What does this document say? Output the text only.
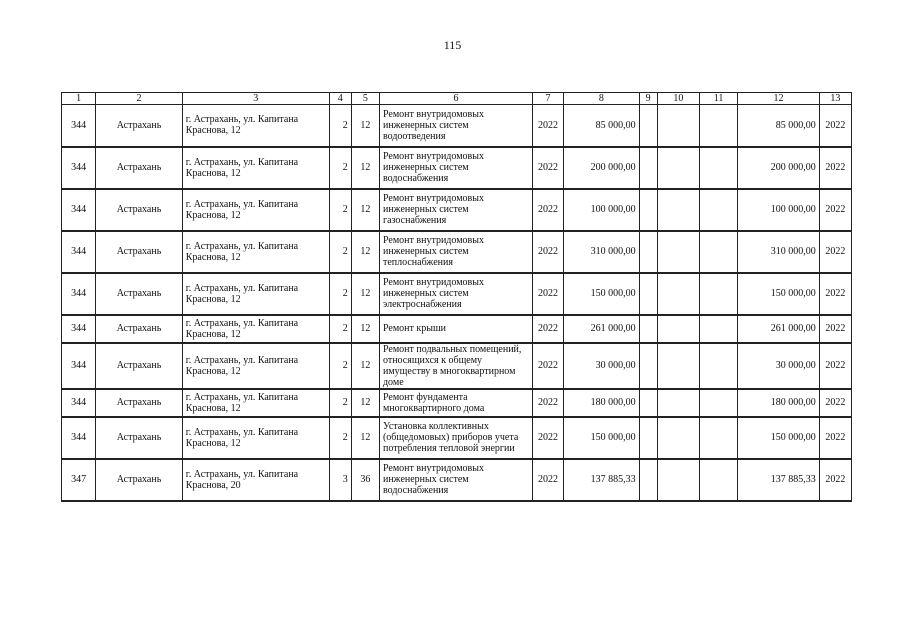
115
1	2	3	4	5	6	7	8	9	10	11	12	13
344	Астрахань	г. Астрахань, ул. Капитана Краснова, 12	2	12	Ремонт внутридомовых инженерных систем водоотведения	2022	85 000,00				85 000,00	2022
344	Астрахань	г. Астрахань, ул. Капитана Краснова, 12	2	12	Ремонт внутридомовых инженерных систем водоснабжения	2022	200 000,00				200 000,00	2022
344	Астрахань	г. Астрахань, ул. Капитана Краснова, 12	2	12	Ремонт внутридомовых инженерных систем газоснабжения	2022	100 000,00				100 000,00	2022
344	Астрахань	г. Астрахань, ул. Капитана Краснова, 12	2	12	Ремонт внутридомовых инженерных систем теплоснабжения	2022	310 000,00				310 000,00	2022
344	Астрахань	г. Астрахань, ул. Капитана Краснова, 12	2	12	Ремонт внутридомовых инженерных систем электроснабжения	2022	150 000,00				150 000,00	2022
344	Астрахань	г. Астрахань, ул. Капитана Краснова, 12	2	12	Ремонт крыши	2022	261 000,00				261 000,00	2022
344	Астрахань	г. Астрахань, ул. Капитана Краснова, 12	2	12	Ремонт подвальных помещений, относящихся к общему имуществу в многоквартирном доме	2022	30 000,00				30 000,00	2022
344	Астрахань	г. Астрахань, ул. Капитана Краснова, 12	2	12	Ремонт фундамента многоквартирного дома	2022	180 000,00				180 000,00	2022
344	Астрахань	г. Астрахань, ул. Капитана Краснова, 12	2	12	Установка коллективных (общедомовых) приборов учета потребления тепловой энергии	2022	150 000,00				150 000,00	2022
347	Астрахань	г. Астрахань, ул. Капитана Краснова, 20	3	36	Ремонт внутридомовых инженерных систем водоснабжения	2022	137 885,33				137 885,33	2022
